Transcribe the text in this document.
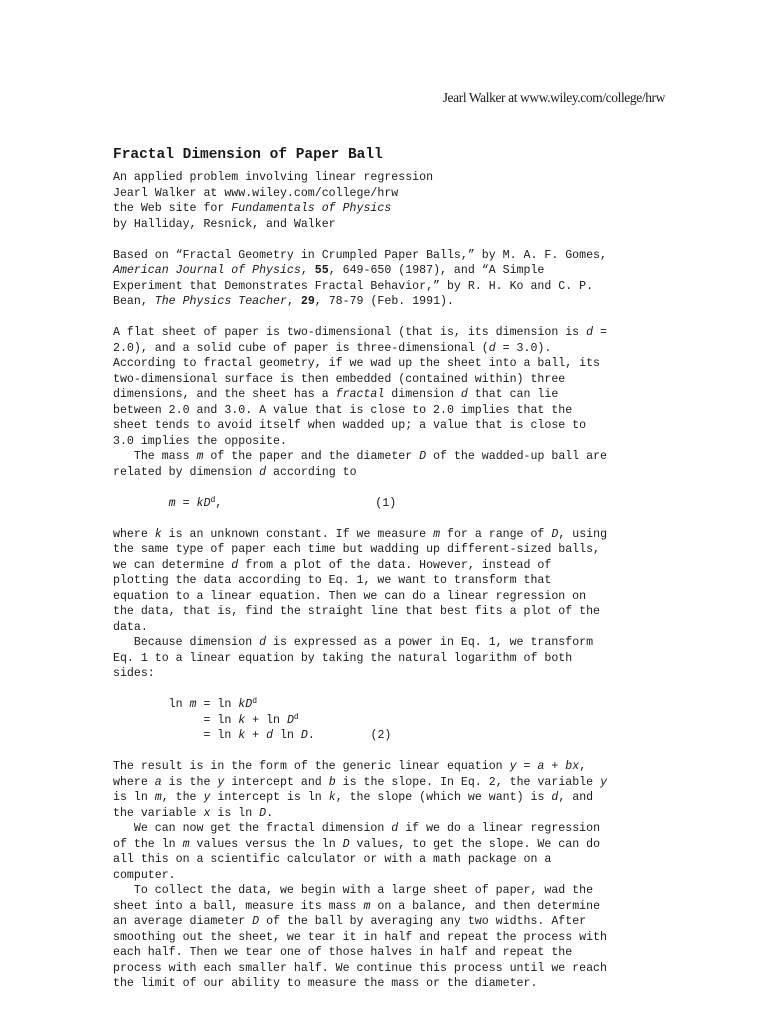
Jearl Walker at www.wiley.com/college/hrw
Fractal Dimension of Paper Ball
An applied problem involving linear regression
Jearl Walker at www.wiley.com/college/hrw
the Web site for Fundamentals of Physics
by Halliday, Resnick, and Walker
Based on “Fractal Geometry in Crumpled Paper Balls,” by M. A. F. Gomes,
American Journal of Physics, 55, 649-650 (1987), and “A Simple
Experiment that Demonstrates Fractal Behavior,” by R. H. Ko and C. P.
Bean, The Physics Teacher, 29, 78-79 (Feb. 1991).
A flat sheet of paper is two-dimensional (that is, its dimension is d =
2.0), and a solid cube of paper is three-dimensional (d = 3.0).
According to fractal geometry, if we wad up the sheet into a ball, its
two-dimensional surface is then embedded (contained within) three
dimensions, and the sheet has a fractal dimension d that can lie
between 2.0 and 3.0. A value that is close to 2.0 implies that the
sheet tends to avoid itself when wadded up; a value that is close to
3.0 implies the opposite.
The mass m of the paper and the diameter D of the wadded-up ball are
related by dimension d according to
$m = kD^d$,	(1)
where k is an unknown constant. If we measure m for a range of D, using
the same type of paper each time but wadding up different-sized balls,
we can determine d from a plot of the data. However, instead of
plotting the data according to Eq. 1, we want to transform that
equation to a linear equation. Then we can do a linear regression on
the data, that is, find the straight line that best fits a plot of the
data.
Because dimension d is expressed as a power in Eq. 1, we transform
Eq. 1 to a linear equation by taking the natural logarithm of both
sides:
$\ln m = \ln kD^d$
= $\ln k + \ln D^d$
= ln k + d ln D.	(2)
The result is in the form of the generic linear equation y = a + bx,
where a is the y intercept and b is the slope. In Eq. 2, the variable y
is ln m, the y intercept is ln k, the slope (which we want) is d, and
the variable x is ln D.
We can now get the fractal dimension d if we do a linear regression
of the ln m values versus the ln D values, to get the slope. We can do
all this on a scientific calculator or with a math package on a
computer.
To collect the data, we begin with a large sheet of paper, wad the
sheet into a ball, measure its mass m on a balance, and then determine
an average diameter D of the ball by averaging any two widths. After
smoothing out the sheet, we tear it in half and repeat the process with
each half. Then we tear one of those halves in half and repeat the
process with each smaller half. We continue this process until we reach
the limit of our ability to measure the mass or the diameter.
